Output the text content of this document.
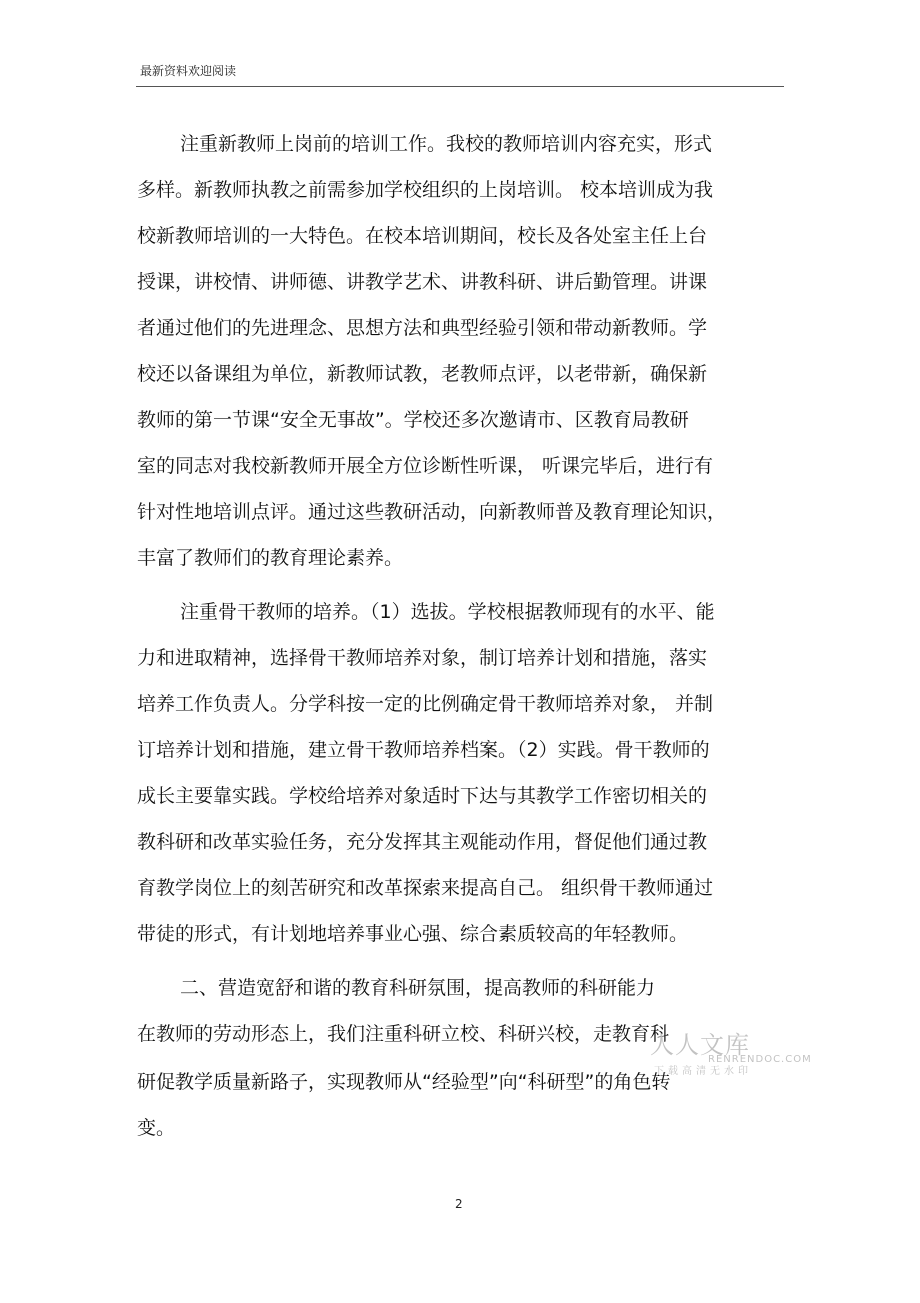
最新资料欢迎阅读
注重新教师上岗前的培训工作。我校的教师培训内容充实，形式
多样。新教师执教之前需参加学校组织的上岗培训。 校本培训成为我
校新教师培训的一大特色。在校本培训期间，校长及各处室主任上台
授课，讲校情、讲师德、讲教学艺术、讲教科研、讲后勤管理。讲课
者通过他们的先进理念、思想方法和典型经验引领和带动新教师。学
校还以备课组为单位，新教师试教，老教师点评，以老带新，确保新
教师的第一节课“安全无事故”。学校还多次邀请市、区教育局教研
室的同志对我校新教师开展全方位诊断性听课， 听课完毕后，进行有
针对性地培训点评。通过这些教研活动，向新教师普及教育理论知识，
丰富了教师们的教育理论素养。
注重骨干教师的培养。（1）选拔。学校根据教师现有的水平、能
力和进取精神，选择骨干教师培养对象，制订培养计划和措施，落实
培养工作负责人。分学科按一定的比例确定骨干教师培养对象， 并制
订培养计划和措施，建立骨干教师培养档案。（2）实践。骨干教师的
成长主要靠实践。学校给培养对象适时下达与其教学工作密切相关的
教科研和改革实验任务，充分发挥其主观能动作用，督促他们通过教
育教学岗位上的刻苦研究和改革探索来提高自己。 组织骨干教师通过
带徒的形式，有计划地培养事业心强、综合素质较高的年轻教师。
二、营造宽舒和谐的教育科研氛围，提高教师的科研能力
在教师的劳动形态上，我们注重科研立校、科研兴校，走教育科
研促教学质量新路子，实现教师从“经验型”向“科研型”的角色转
变。
人人文库
RENRENDOC.COM
下载高清无水印
2
